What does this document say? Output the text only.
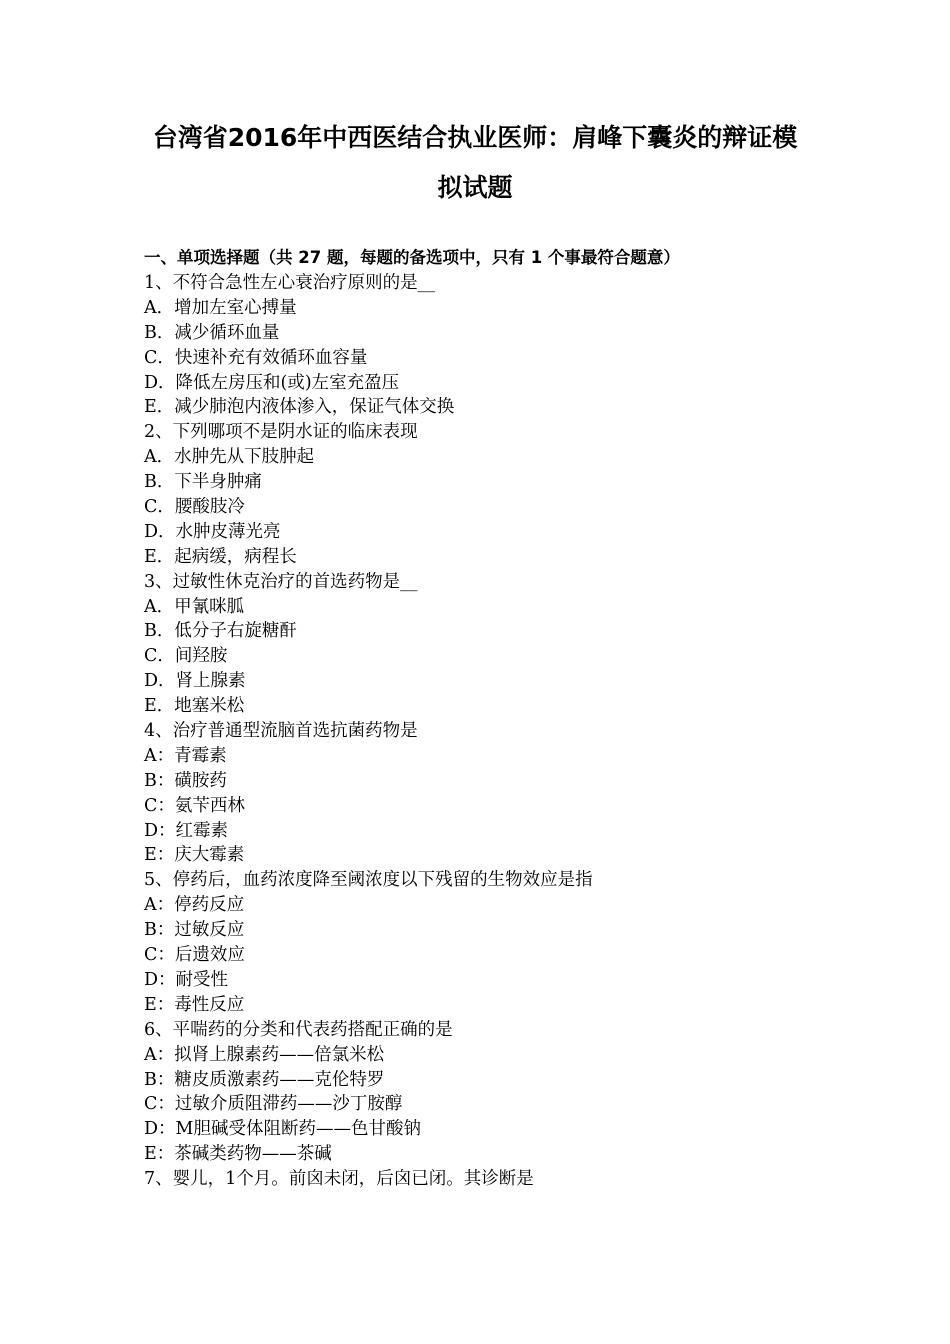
台湾省2016年中西医结合执业医师：肩峰下囊炎的辩证模
拟试题
一、单项选择题（共 27 题，每题的备选项中，只有 1 个事最符合题意）
1、不符合急性左心衰治疗原则的是__
A．增加左室心搏量
B．减少循环血量
C．快速补充有效循环血容量
D．降低左房压和(或)左室充盈压
E．减少肺泡内液体渗入，保证气体交换
2、下列哪项不是阴水证的临床表现
A．水肿先从下肢肿起
B．下半身肿痛
C．腰酸肢冷
D．水肿皮薄光亮
E．起病缓，病程长
3、过敏性休克治疗的首选药物是__
A．甲氰咪胍
B．低分子右旋糖酐
C．间羟胺
D．肾上腺素
E．地塞米松
4、治疗普通型流脑首选抗菌药物是
A：青霉素
B：磺胺药
C：氨苄西林
D：红霉素
E：庆大霉素
5、停药后，血药浓度降至阈浓度以下残留的生物效应是指
A：停药反应
B：过敏反应
C：后遗效应
D：耐受性
E：毒性反应
6、平喘药的分类和代表药搭配正确的是
A：拟肾上腺素药——倍氯米松
B：糖皮质激素药——克伦特罗
C：过敏介质阻滞药——沙丁胺醇
D：M胆碱受体阻断药——色甘酸钠
E：茶碱类药物——茶碱
7、婴儿，1个月。前囟未闭，后囟已闭。其诊断是
